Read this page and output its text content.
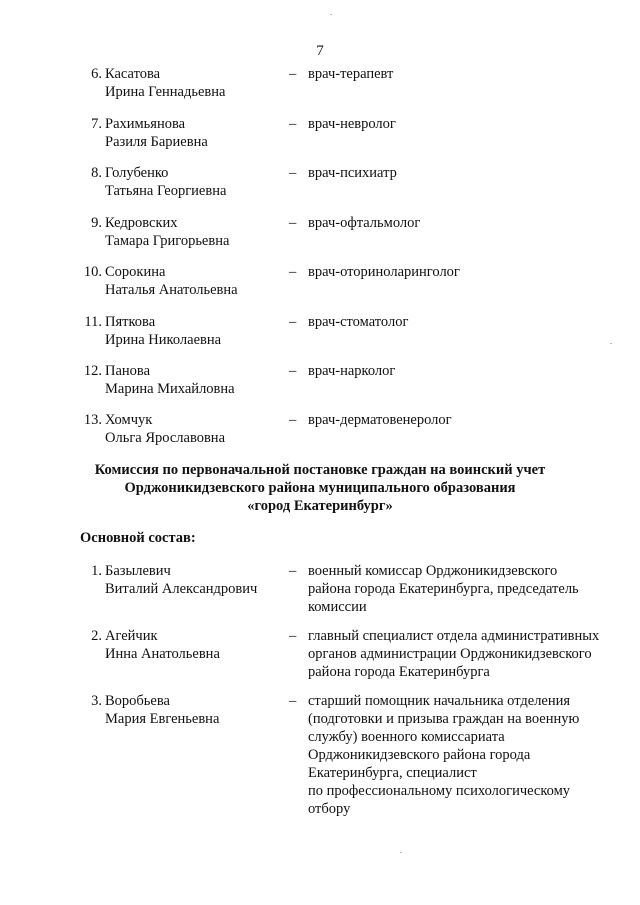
7
6. Касатова
Ирина Геннадьевна
– врач-терапевт
7. Рахимьянова
Разиля Бариевна
– врач-невролог
8. Голубенко
Татьяна Георгиевна
– врач-психиатр
9. Кедровских
Тамара Григорьевна
– врач-офтальмолог
10. Сорокина
Наталья Анатольевна
– врач-оториноларинголог
11. Пяткова
Ирина Николаевна
– врач-стоматолог
12. Панова
Марина Михайловна
– врач-нарколог
13. Хомчук
Ольга Ярославовна
– врач-дерматовенеролог
Комиссия по первоначальной постановке граждан на воинский учет
Орджоникидзевского района муниципального образования
«город Екатеринбург»
Основной состав:
1. Базылевич
Виталий Александрович
– военный комиссар Орджоникидзевского
района города Екатеринбурга, председатель
комиссии
2. Агейчик
Инна Анатольевна
– главный специалист отдела административных
органов администрации Орджоникидзевского
района города Екатеринбурга
3. Воробьева
Мария Евгеньевна
– старший помощник начальника отделения
(подготовки и призыва граждан на военную
службу) военного комиссариата
Орджоникидзевского района города
Екатеринбурга, специалист
по профессиональному психологическому
отбору
